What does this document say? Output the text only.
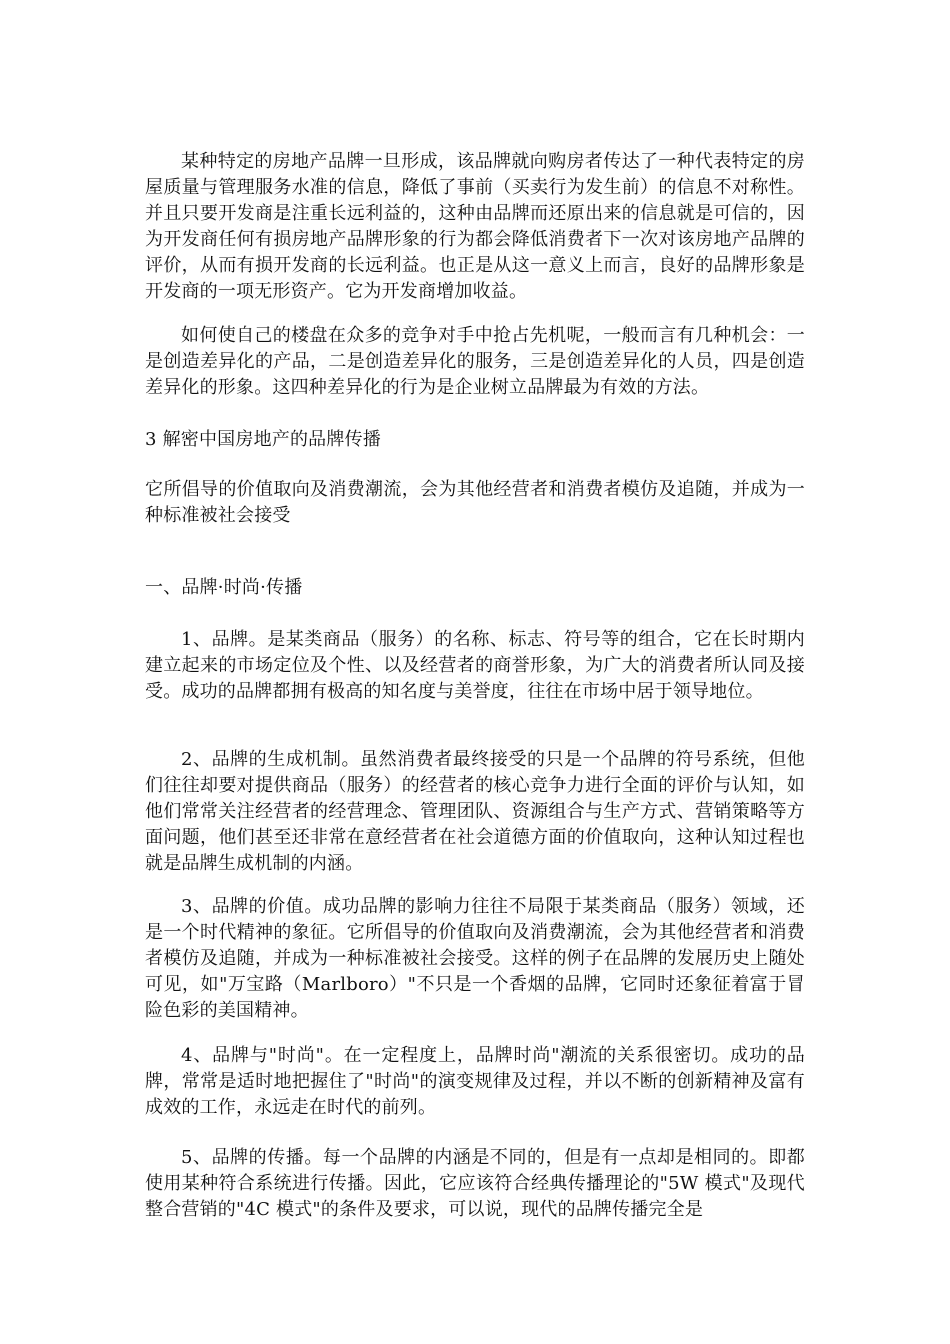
某种特定的房地产品牌一旦形成，该品牌就向购房者传达了一种代表特定的房屋质量与管理服务水准的信息，降低了事前（买卖行为发生前）的信息不对称性。并且只要开发商是注重长远利益的，这种由品牌而还原出来的信息就是可信的，因为开发商任何有损房地产品牌形象的行为都会降低消费者下一次对该房地产品牌的评价，从而有损开发商的长远利益。也正是从这一意义上而言，良好的品牌形象是开发商的一项无形资产。它为开发商增加收益。

如何使自己的楼盘在众多的竞争对手中抢占先机呢，一般而言有几种机会：一是创造差异化的产品，二是创造差异化的服务，三是创造差异化的人员，四是创造差异化的形象。这四种差异化的行为是企业树立品牌最为有效的方法。

3 解密中国房地产的品牌传播

它所倡导的价值取向及消费潮流，会为其他经营者和消费者模仿及追随，并成为一种标准被社会接受

一、品牌·时尚·传播

1、品牌。是某类商品（服务）的名称、标志、符号等的组合，它在长时期内建立起来的市场定位及个性、以及经营者的商誉形象，为广大的消费者所认同及接受。成功的品牌都拥有极高的知名度与美誉度，往往在市场中居于领导地位。

2、品牌的生成机制。虽然消费者最终接受的只是一个品牌的符号系统，但他们往往却要对提供商品（服务）的经营者的核心竞争力进行全面的评价与认知，如他们常常关注经营者的经营理念、管理团队、资源组合与生产方式、营销策略等方面问题，他们甚至还非常在意经营者在社会道德方面的价值取向，这种认知过程也就是品牌生成机制的内涵。

3、品牌的价值。成功品牌的影响力往往不局限于某类商品（服务）领域，还是一个时代精神的象征。它所倡导的价值取向及消费潮流，会为其他经营者和消费者模仿及追随，并成为一种标准被社会接受。这样的例子在品牌的发展历史上随处可见，如"万宝路（Marlboro）"不只是一个香烟的品牌，它同时还象征着富于冒险色彩的美国精神。

4、品牌与"时尚"。在一定程度上，品牌时尚"潮流的关系很密切。成功的品牌，常常是适时地把握住了"时尚"的演变规律及过程，并以不断的创新精神及富有成效的工作，永远走在时代的前列。

5、品牌的传播。每一个品牌的内涵是不同的，但是有一点却是相同的。即都使用某种符合系统进行传播。因此，它应该符合经典传播理论的"5W 模式"及现代整合营销的"4C 模式"的条件及要求，可以说，现代的品牌传播完全是
